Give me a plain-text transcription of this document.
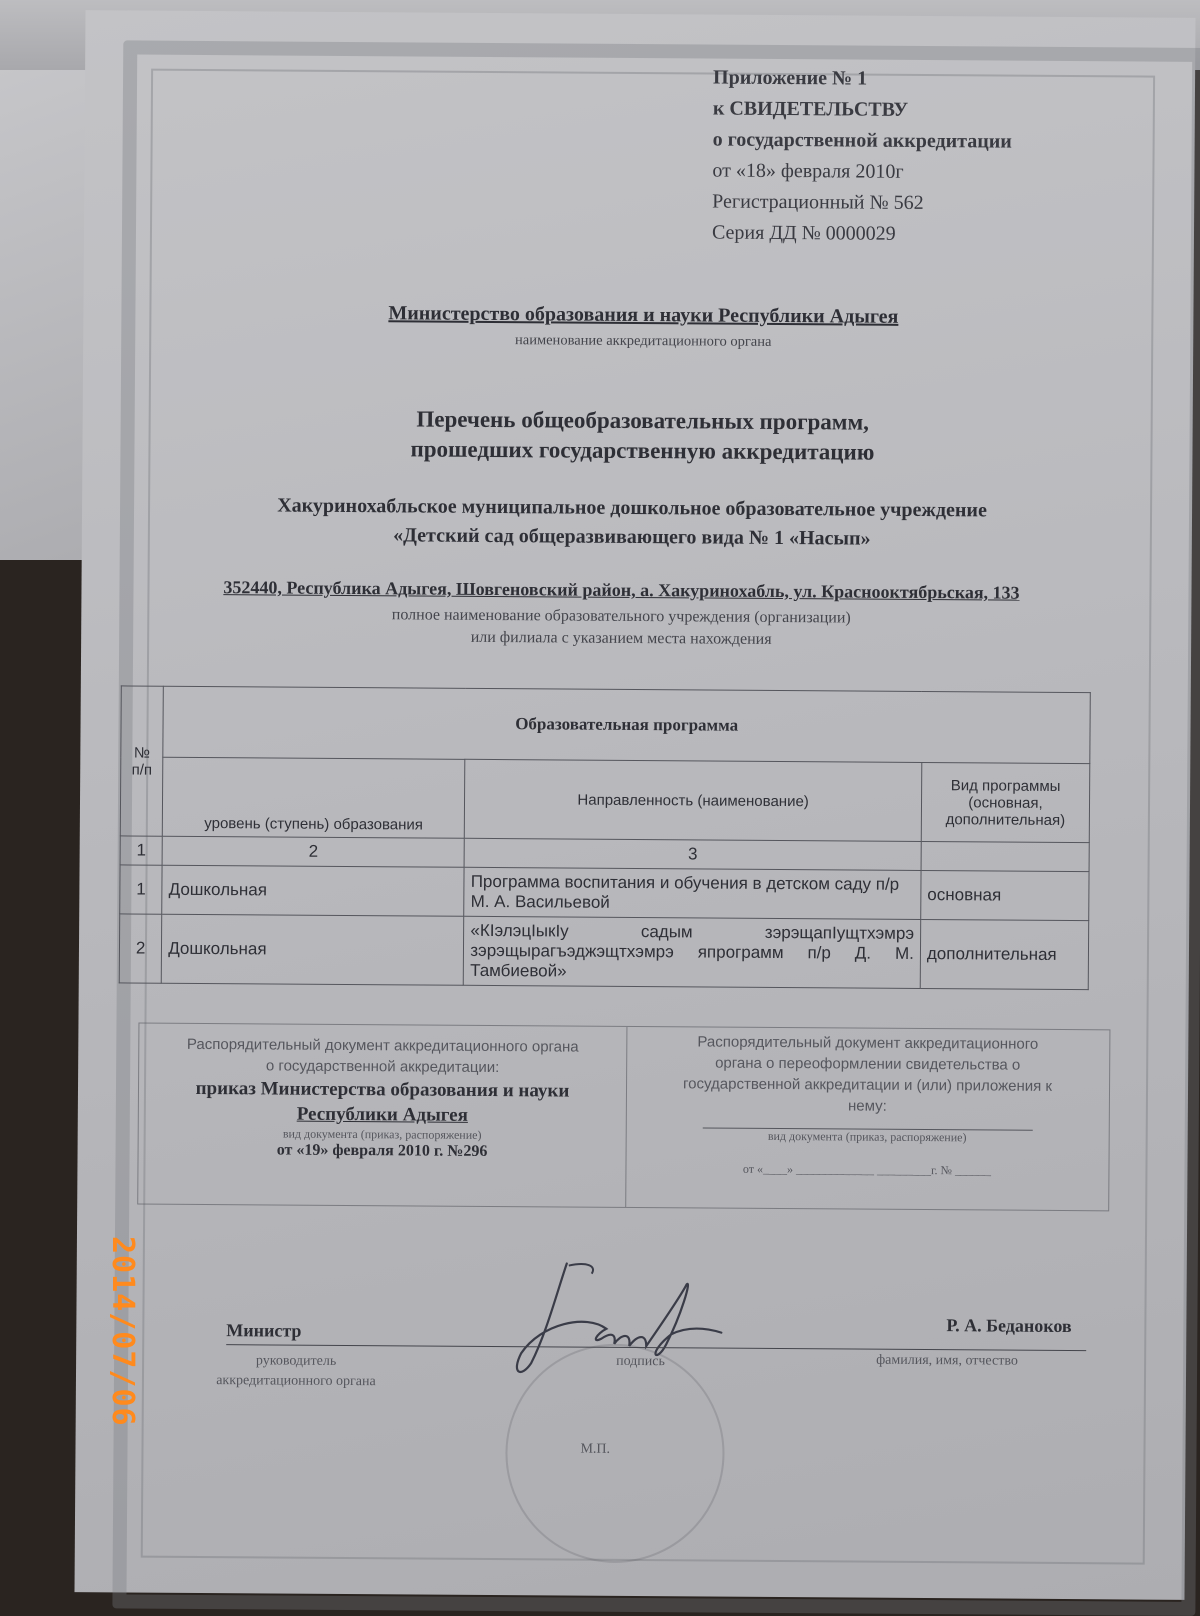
Приложение № 1
к СВИДЕТЕЛЬСТВУ
о государственной аккредитации
от «18» февраля 2010г
Регистрационный № 562
Серия ДД № 0000029
Министерство образования и науки Республики Адыгея
наименование аккредитационного органа
Перечень общеобразовательных программ,
прошедших государственную аккредитацию
Хакуринохабльское муниципальное дошкольное образовательное учреждение
«Детский сад общеразвивающего вида № 1 «Насып»
352440, Республика Адыгея, Шовгеновский район, а. Хакуринохабль, ул. Краснооктябрьская, 133
полное наименование образовательного учреждения (организации)
или филиала с указанием места нахождения
№ п/п	Образовательная программа		
	уровень (ступень) образования	Направленность (наименование)	Вид программы (основная, дополнительная)
1	2	3	
1	Дошкольная	Программа воспитания и обучения в детском саду п/р М. А. Васильевой	основная
2	Дошкольная	«КIэлэцIыкIу садым зэрэщапIущтхэмрэ зэрэщырагъэджэщтхэмрэ япрограмм п/р Д. М. Тамбиевой»	дополнительная
Распорядительный документ аккредитационного органа
о государственной аккредитации:
приказ Министерства образования и науки
Республики Адыгея
вид документа (приказ, распоряжение)
от «19» февраля 2010 г. №296
Распорядительный документ аккредитационного
органа о переоформлении свидетельства о
государственной аккредитации и (или) приложения к
нему:
вид документа (приказ, распоряжение)
от «____» _____________ _________г. № ______
Министр
руководитель
аккредитационного органа
подпись
Р. А. Беданоков
фамилия, имя, отчество
М.П.
2014/07/06
